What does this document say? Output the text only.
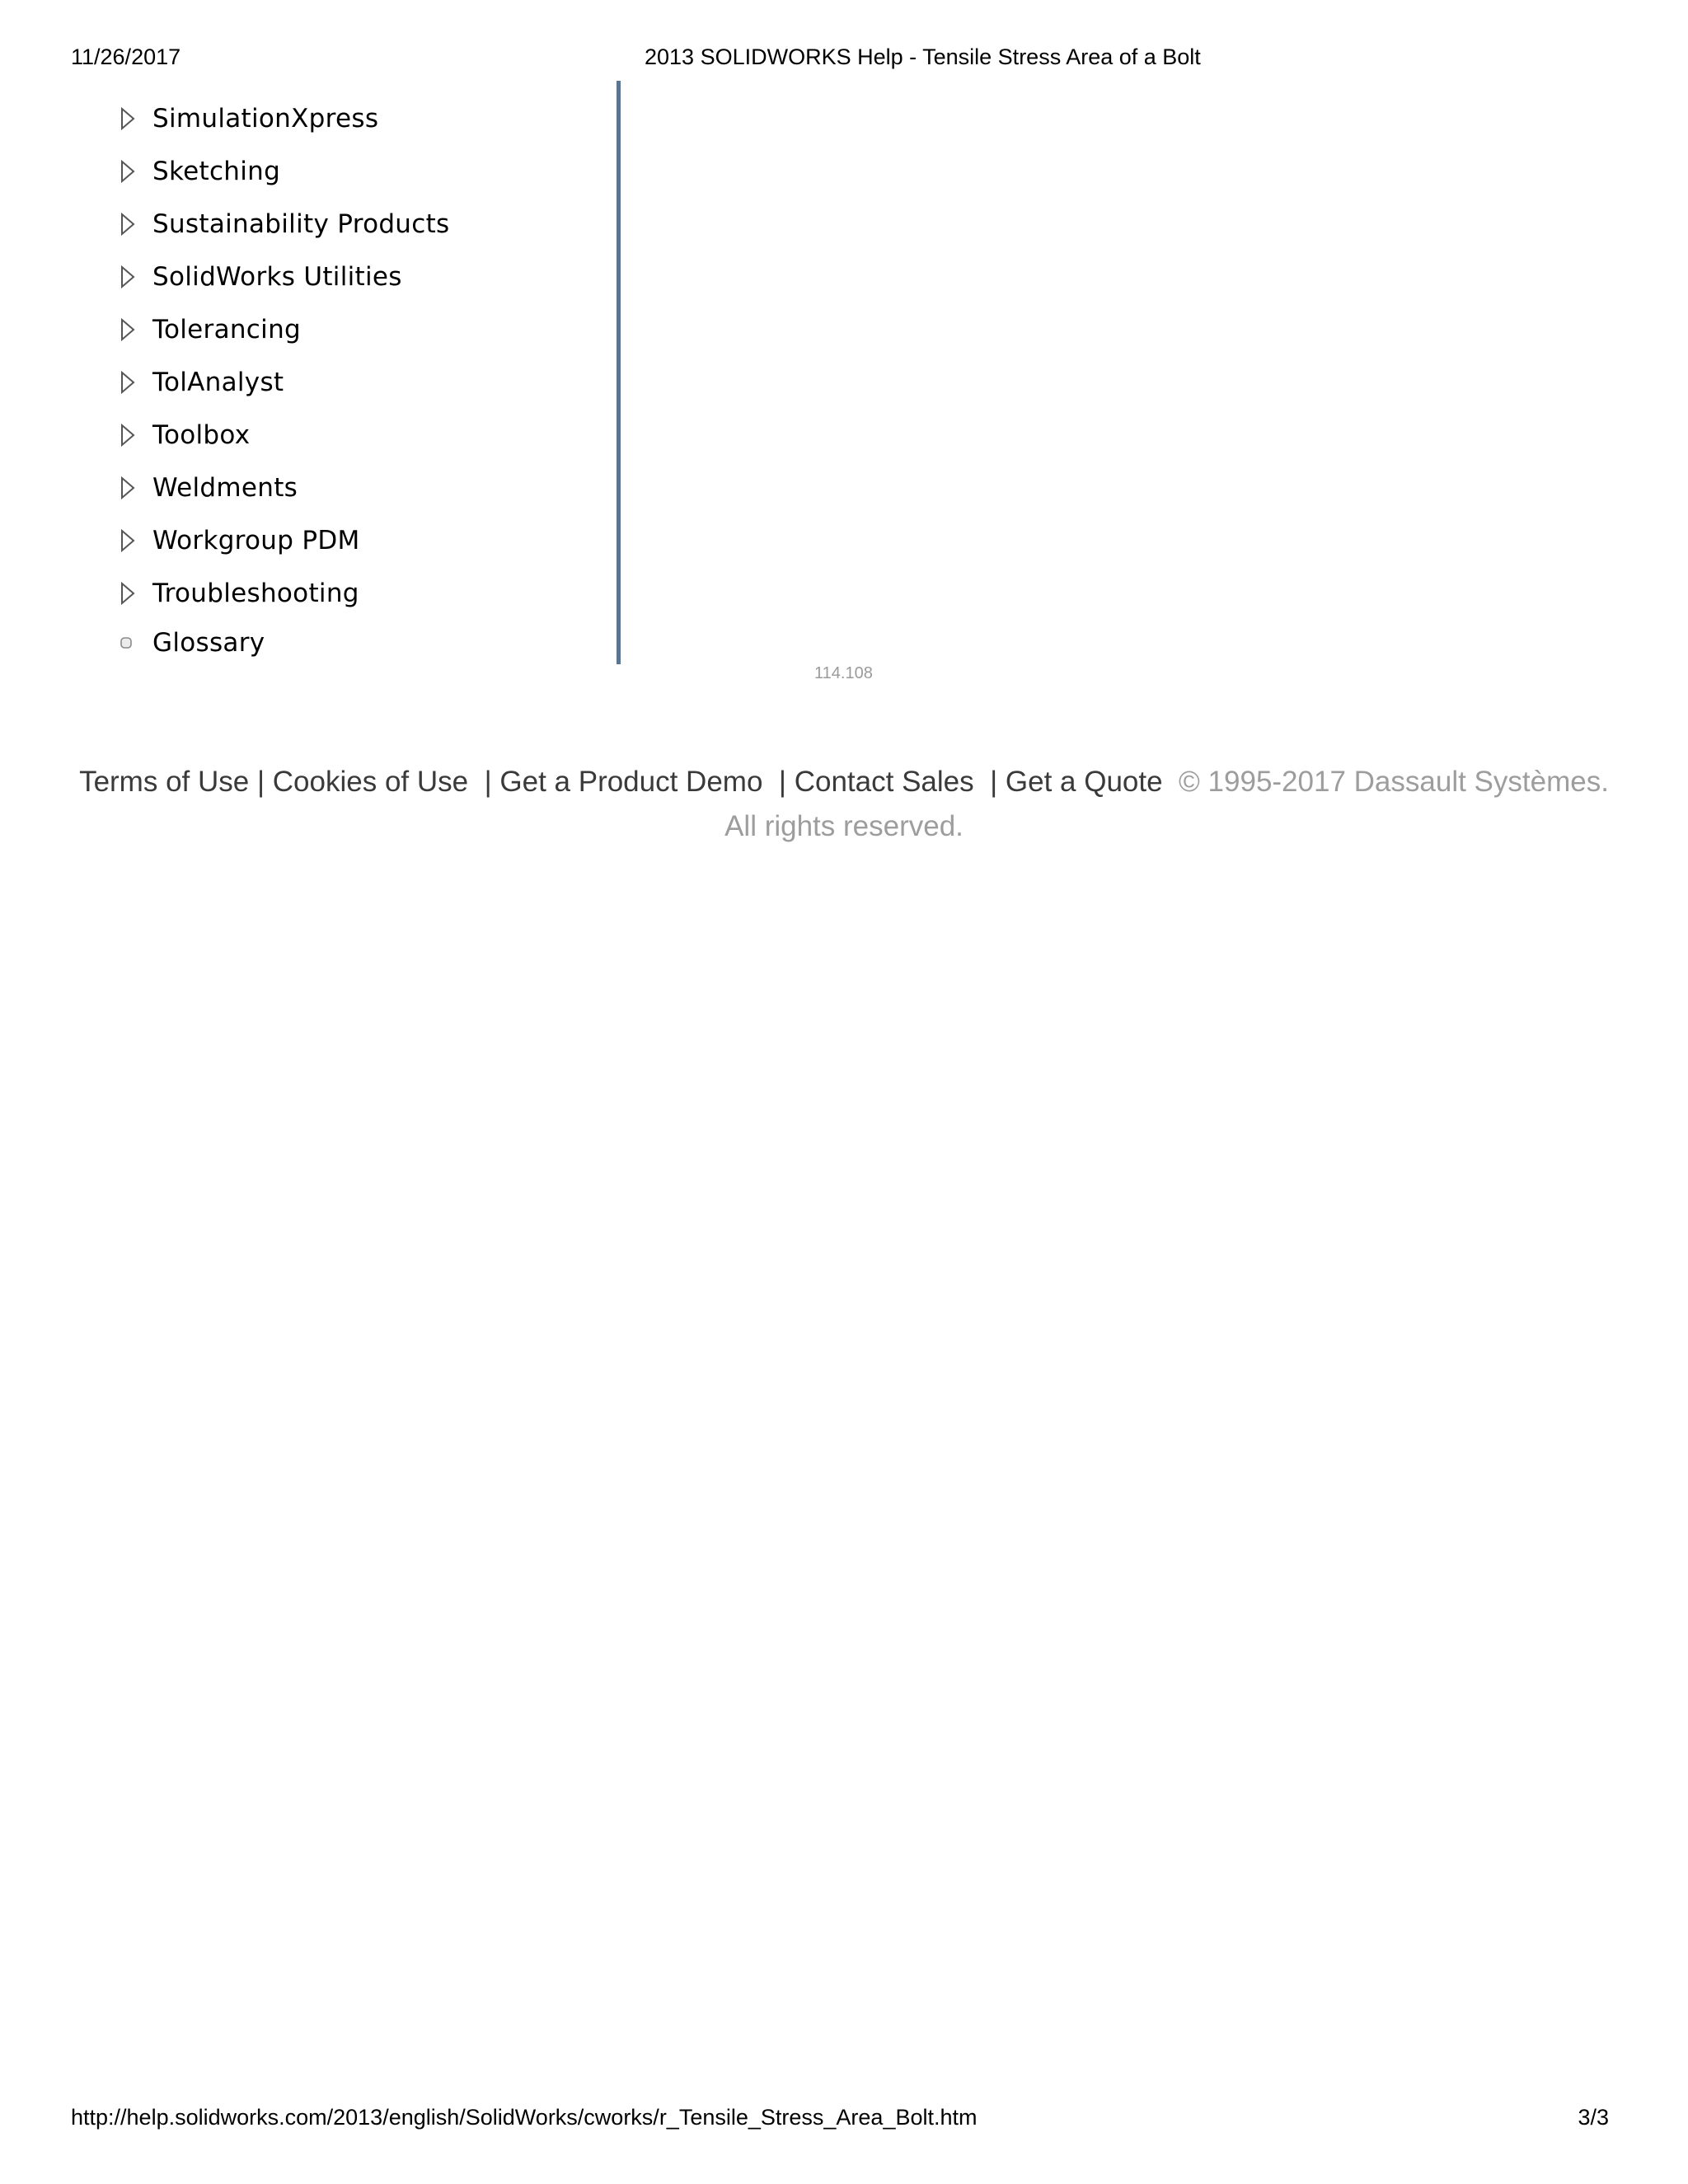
11/26/2017	2013 SOLIDWORKS Help - Tensile Stress Area of a Bolt
SimulationXpress
Sketching
Sustainability Products
SolidWorks Utilities
Tolerancing
TolAnalyst
Toolbox
Weldments
Workgroup PDM
Troubleshooting
Glossary
114.108
Terms of Use | Cookies of Use | Get a Product Demo | Contact Sales | Get a Quote © 1995-2017 Dassault Systèmes. All rights reserved.
http://help.solidworks.com/2013/english/SolidWorks/cworks/r_Tensile_Stress_Area_Bolt.htm	3/3
